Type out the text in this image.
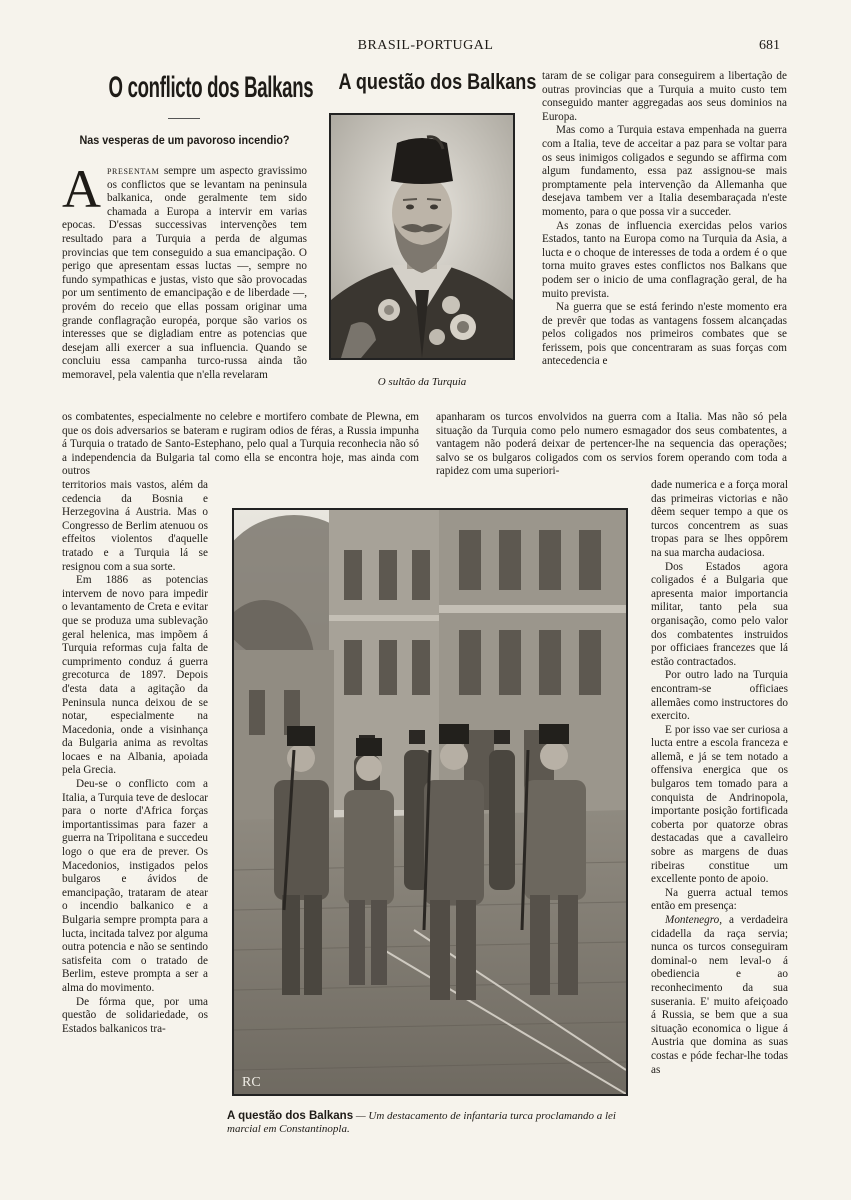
BRASIL-PORTUGAL	681
O conflicto dos Balkans A questão dos Balkans
Nas vesperas de um pavoroso incendio?

Apresentam sempre um aspecto gravissimo os conflictos que se levantam na peninsula balkanica, onde geralmente tem sido chamada a Europa a intervir em varias epocas. D'essas successivas intervenções tem resultado para a Turquia a perda de algumas provincias que tem conseguido a sua emancipação. O perigo que apresentam essas luctas —, sempre no fundo sympathicas e justas, visto que são provocadas por um sentimento de emancipação e de liberdade —, provém do receio que ellas possam originar uma grande conflagração européa, porque são varios os interesses que se digladiam entre as potencias que desejam alli exercer a sua influencia. Quando se concluiu essa campanha turco-russa ainda tão memoravel, pela valentia que n'ella revelaram

os combatentes, especialmente no celebre e mortifero combate de Plewna, em que os dois adversarios se bateram e rugiram odios de féras, a Russia impunha á Turquia o tratado de Santo-Estephano, pelo qual a Turquia reconhecia não só a independencia da Bulgaria tal como ella se encontra hoje, mas ainda com outros

territorios mais vastos, além da cedencia da Bosnia e Herzegovina á Austria. Mas o Congresso de Berlim atenuou os effeitos violentos d'aquelle tratado e a Turquia lá se resignou com a sua sorte.

Em 1886 as potencias intervem de novo para impedir o levantamento de Creta e evitar que se produza uma sublevação geral helenica, mas impõem á Turquia reformas cuja falta de cumprimento conduz á guerra grecoturca de 1897. Depois d'esta data a agitação da Peninsula nunca deixou de se notar, especialmente na Macedonia, onde a visinhança da Bulgaria anima as revoltas locaes e na Albania, apoiada pela Grecia.

Deu-se o conflicto com a Italia, a Turquia teve de deslocar para o norte d'Africa forças importantissimas para fazer a guerra na Tripolitana e succedeu logo o que era de prever. Os Macedonios, instigados pelos bulgaros e ávidos de emancipação, trataram de atear o incendio balkanico e a Bulgaria sempre prompta para a lucta, incitada talvez por alguma outra potencia e não se sentindo satisfeita com o tratado de Berlim, esteve prompta a ser a alma do movimento.

De fórma que, por uma questão de solidariedade, os Estados balkanicos tra-

O sultão da Turquia

taram de se coligar para conseguirem a libertação de outras provincias que a Turquia a muito custo tem conseguido manter aggregadas aos seus dominios na Europa.

Mas como a Turquia estava empenhada na guerra com a Italia, teve de acceitar a paz para se voltar para os seus inimigos coligados e segundo se affirma com algum fundamento, essa paz assignou-se mais promptamente pela intervenção da Allemanha que desejava tambem ver a Italia desembaraçada n'este momento, para o que possa vir a succeder.

As zonas de influencia exercidas pelos varios Estados, tanto na Europa como na Turquia da Asia, a lucta e o choque de interesses de toda a ordem é o que torna muito graves estes conflictos nos Balkans que podem ser o inicio de uma conflagração geral, de ha muito prevista.

Na guerra que se está ferindo n'este momento era de prevêr que todas as vantagens fossem alcançadas pelos coligados nos primeiros combates que se ferissem, pois que concentraram as suas forças com antecedencia e

apanharam os turcos envolvidos na guerra com a Italia. Mas não só pela situação da Turquia como pelo numero esmagador dos seus combatentes, a vantagem não poderá deixar de pertencer-lhe na sequencia das operações; salvo se os bulgaros coligados com os servios forem operando com toda a rapidez com uma superiori-

dade numerica e a força moral das primeiras victorias e não dêem sequer tempo a que os turcos concentrem as suas tropas para se lhes oppôrem na sua marcha audaciosa.

Dos Estados agora coligados é a Bulgaria que apresenta maior importancia militar, tanto pela sua organisação, como pelo valor dos combatentes instruidos por officiaes francezes que lá estão contractados.

Por outro lado na Turquia encontram-se officiaes allemães como instructores do exercito.

E por isso vae ser curiosa a lucta entre a escola franceza e allemã, e já se tem notado a offensiva energica que os bulgaros tem tomado para a conquista de Andrinopola, importante posição fortificada coberta por quatorze obras destacadas que a cavalleiro sobre as margens de duas ribeiras constitue um excellente ponto de apoio.

Na guerra actual temos então em presença:

Montenegro, a verdadeira cidadella da raça servia; nunca os turcos conseguiram dominal-o nem leval-o á obediencia e ao reconhecimento da sua suserania. E' muito afeiçoado á Russia, se bem que a sua situação economica o ligue á Austria que domina as suas costas e póde fechar-lhe todas as

RC
A questão dos Balkans — Um destacamento de infantaria turca proclamando a lei marcial em Constantinopla.
